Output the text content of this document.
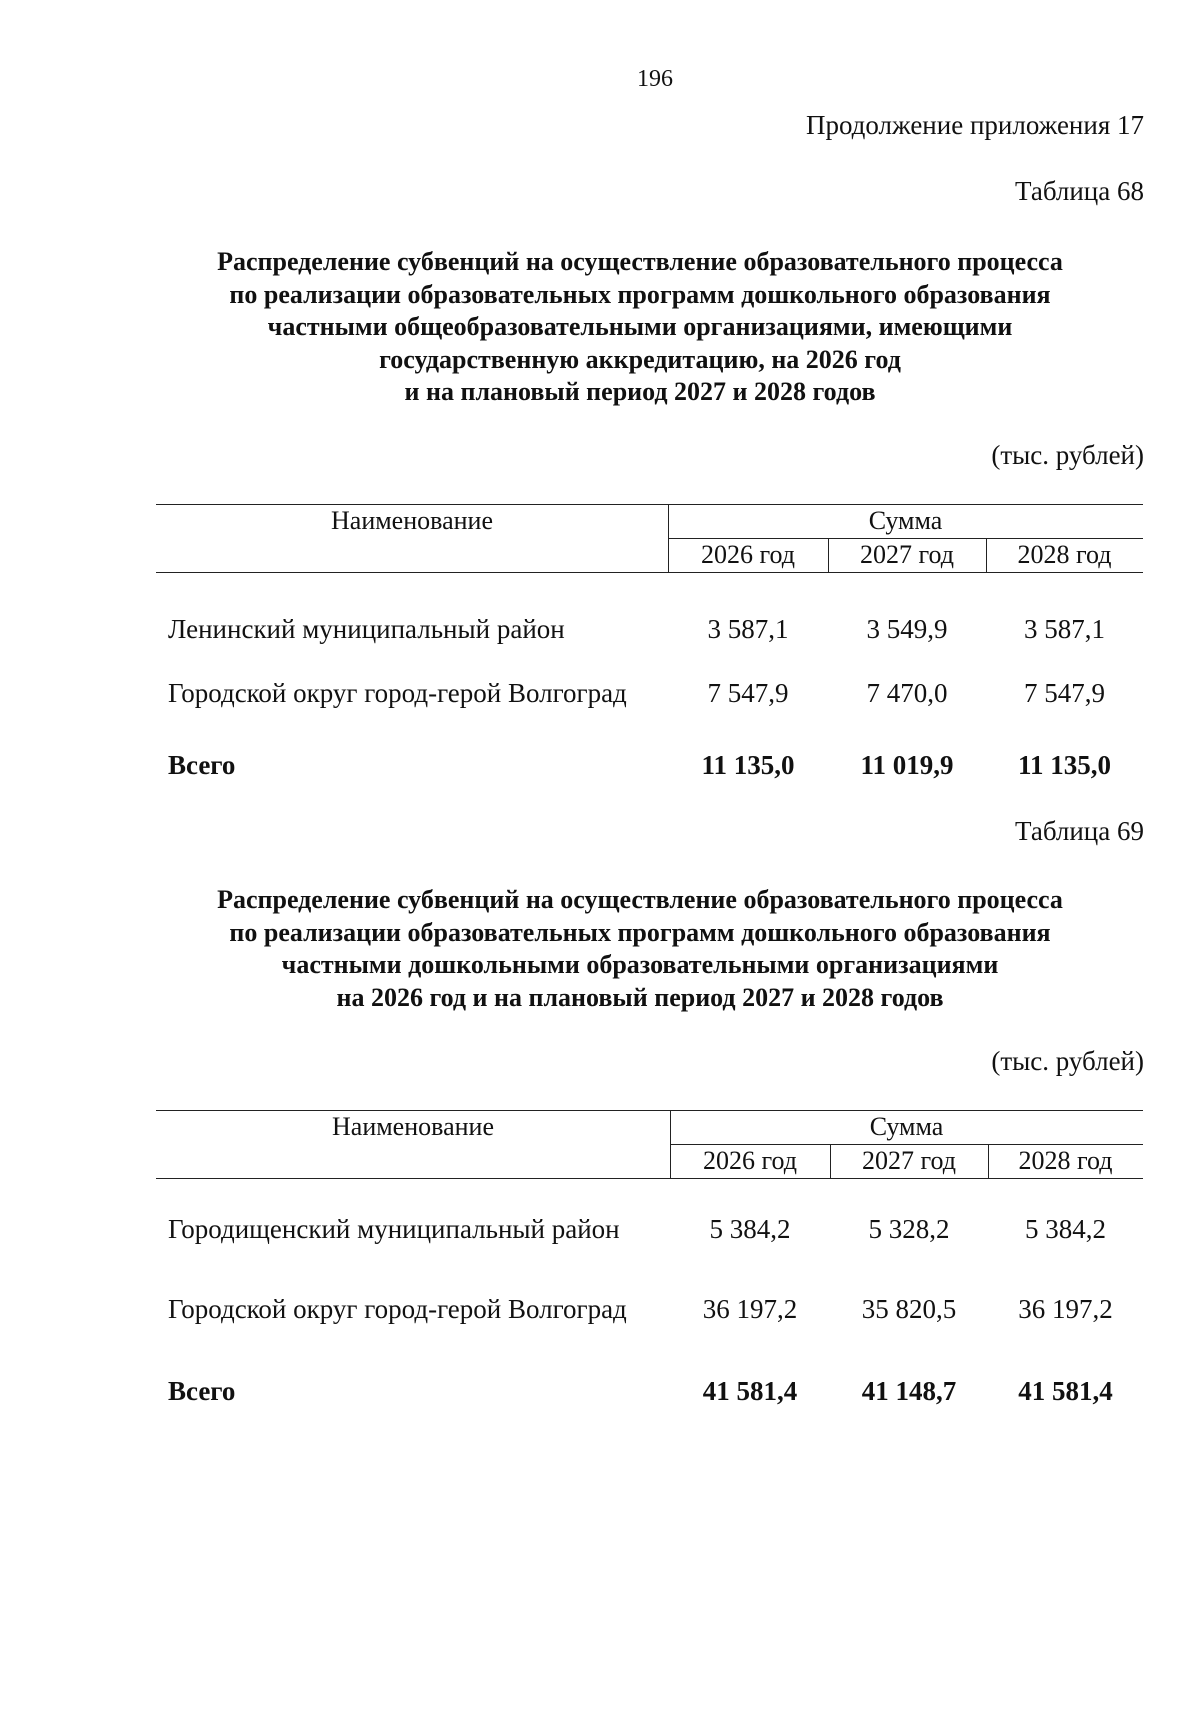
196
Продолжение приложения 17
Таблица 68
Распределение субвенций на осуществление образовательного процесса
по реализации образовательных программ дошкольного образования
частными общеобразовательными организациями, имеющими
государственную аккредитацию, на 2026 год
и на плановый период 2027 и 2028 годов
(тыс. рублей)
Наименование	Сумма
2026 год	2027 год	2028 год
Ленинский муниципальный район	3 587,1	3 549,9	3 587,1
Городской округ город-герой Волгоград	7 547,9	7 470,0	7 547,9
Всего	11 135,0	11 019,9	11 135,0
Таблица 69
Распределение субвенций на осуществление образовательного процесса
по реализации образовательных программ дошкольного образования
частными дошкольными образовательными организациями
на 2026 год и на плановый период 2027 и 2028 годов
(тыс. рублей)
Наименование	Сумма
2026 год	2027 год	2028 год
Городищенский муниципальный район	5 384,2	5 328,2	5 384,2
Городской округ город-герой Волгоград	36 197,2	35 820,5	36 197,2
Всего	41 581,4	41 148,7	41 581,4
